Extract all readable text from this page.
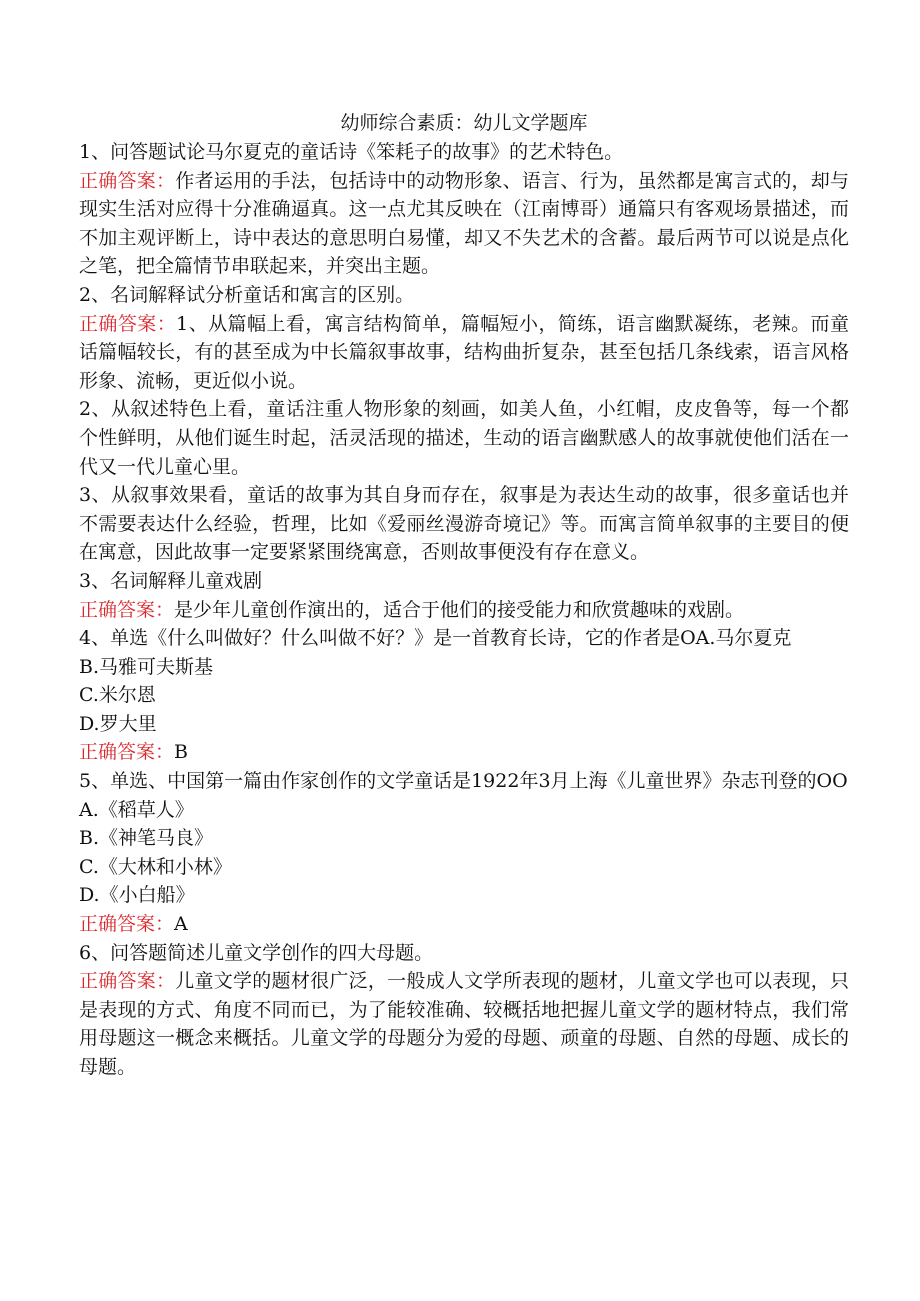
幼师综合素质：幼儿文学题库

1、问答题试论马尔夏克的童话诗《笨耗子的故事》的艺术特色。

正确答案：作者运用的手法，包括诗中的动物形象、语言、行为，虽然都是寓言式的，却与现实生活对应得十分准确逼真。这一点尤其反映在（江南博哥）通篇只有客观场景描述，而不加主观评断上，诗中表达的意思明白易懂，却又不失艺术的含蓄。最后两节可以说是点化之笔，把全篇情节串联起来，并突出主题。

2、名词解释试分析童话和寓言的区别。

正确答案：1、从篇幅上看，寓言结构简单，篇幅短小，简练，语言幽默凝练，老辣。而童话篇幅较长，有的甚至成为中长篇叙事故事，结构曲折复杂，甚至包括几条线索，语言风格形象、流畅，更近似小说。

2、从叙述特色上看，童话注重人物形象的刻画，如美人鱼，小红帽，皮皮鲁等，每一个都个性鲜明，从他们诞生时起，活灵活现的描述，生动的语言幽默感人的故事就使他们活在一代又一代儿童心里。

3、从叙事效果看，童话的故事为其自身而存在，叙事是为表达生动的故事，很多童话也并不需要表达什么经验，哲理，比如《爱丽丝漫游奇境记》等。而寓言简单叙事的主要目的便在寓意，因此故事一定要紧紧围绕寓意，否则故事便没有存在意义。

3、名词解释儿童戏剧

正确答案：是少年儿童创作演出的，适合于他们的接受能力和欣赏趣味的戏剧。

4、单选《什么叫做好？什么叫做不好？》是一首教育长诗，它的作者是OA.马尔夏克

B.马雅可夫斯基

C.米尔恩

D.罗大里

正确答案：B

5、单选、中国第一篇由作家创作的文学童话是1922年3月上海《儿童世界》杂志刊登的OO

A.《稻草人》

B.《神笔马良》

C.《大林和小林》

D.《小白船》

正确答案：A

6、问答题简述儿童文学创作的四大母题。

正确答案：儿童文学的题材很广泛，一般成人文学所表现的题材，儿童文学也可以表现，只是表现的方式、角度不同而已，为了能较准确、较概括地把握儿童文学的题材特点，我们常用母题这一概念来概括。儿童文学的母题分为爱的母题、顽童的母题、自然的母题、成长的母题。
